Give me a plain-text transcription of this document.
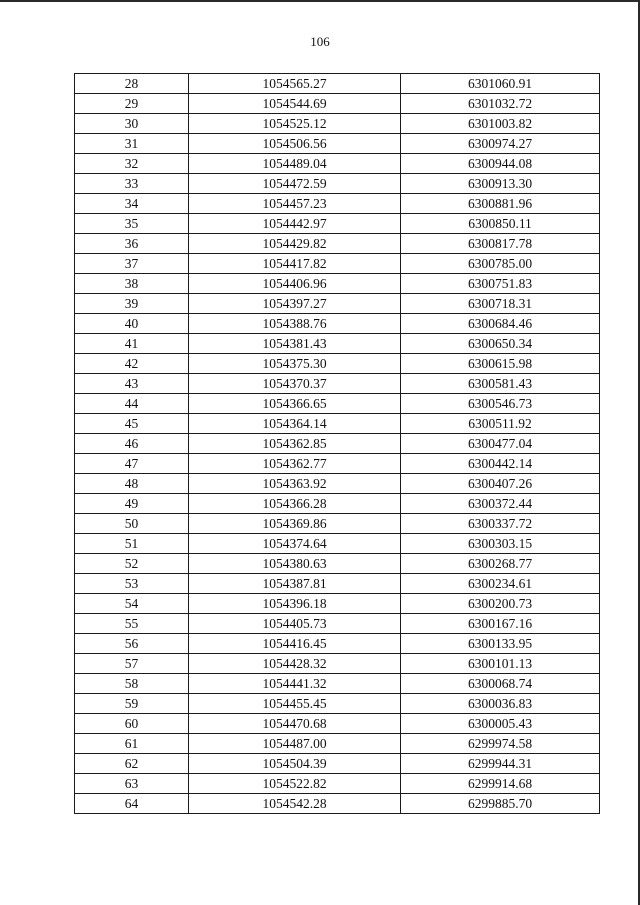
106
28	1054565.27	6301060.91
29	1054544.69	6301032.72
30	1054525.12	6301003.82
31	1054506.56	6300974.27
32	1054489.04	6300944.08
33	1054472.59	6300913.30
34	1054457.23	6300881.96
35	1054442.97	6300850.11
36	1054429.82	6300817.78
37	1054417.82	6300785.00
38	1054406.96	6300751.83
39	1054397.27	6300718.31
40	1054388.76	6300684.46
41	1054381.43	6300650.34
42	1054375.30	6300615.98
43	1054370.37	6300581.43
44	1054366.65	6300546.73
45	1054364.14	6300511.92
46	1054362.85	6300477.04
47	1054362.77	6300442.14
48	1054363.92	6300407.26
49	1054366.28	6300372.44
50	1054369.86	6300337.72
51	1054374.64	6300303.15
52	1054380.63	6300268.77
53	1054387.81	6300234.61
54	1054396.18	6300200.73
55	1054405.73	6300167.16
56	1054416.45	6300133.95
57	1054428.32	6300101.13
58	1054441.32	6300068.74
59	1054455.45	6300036.83
60	1054470.68	6300005.43
61	1054487.00	6299974.58
62	1054504.39	6299944.31
63	1054522.82	6299914.68
64	1054542.28	6299885.70
